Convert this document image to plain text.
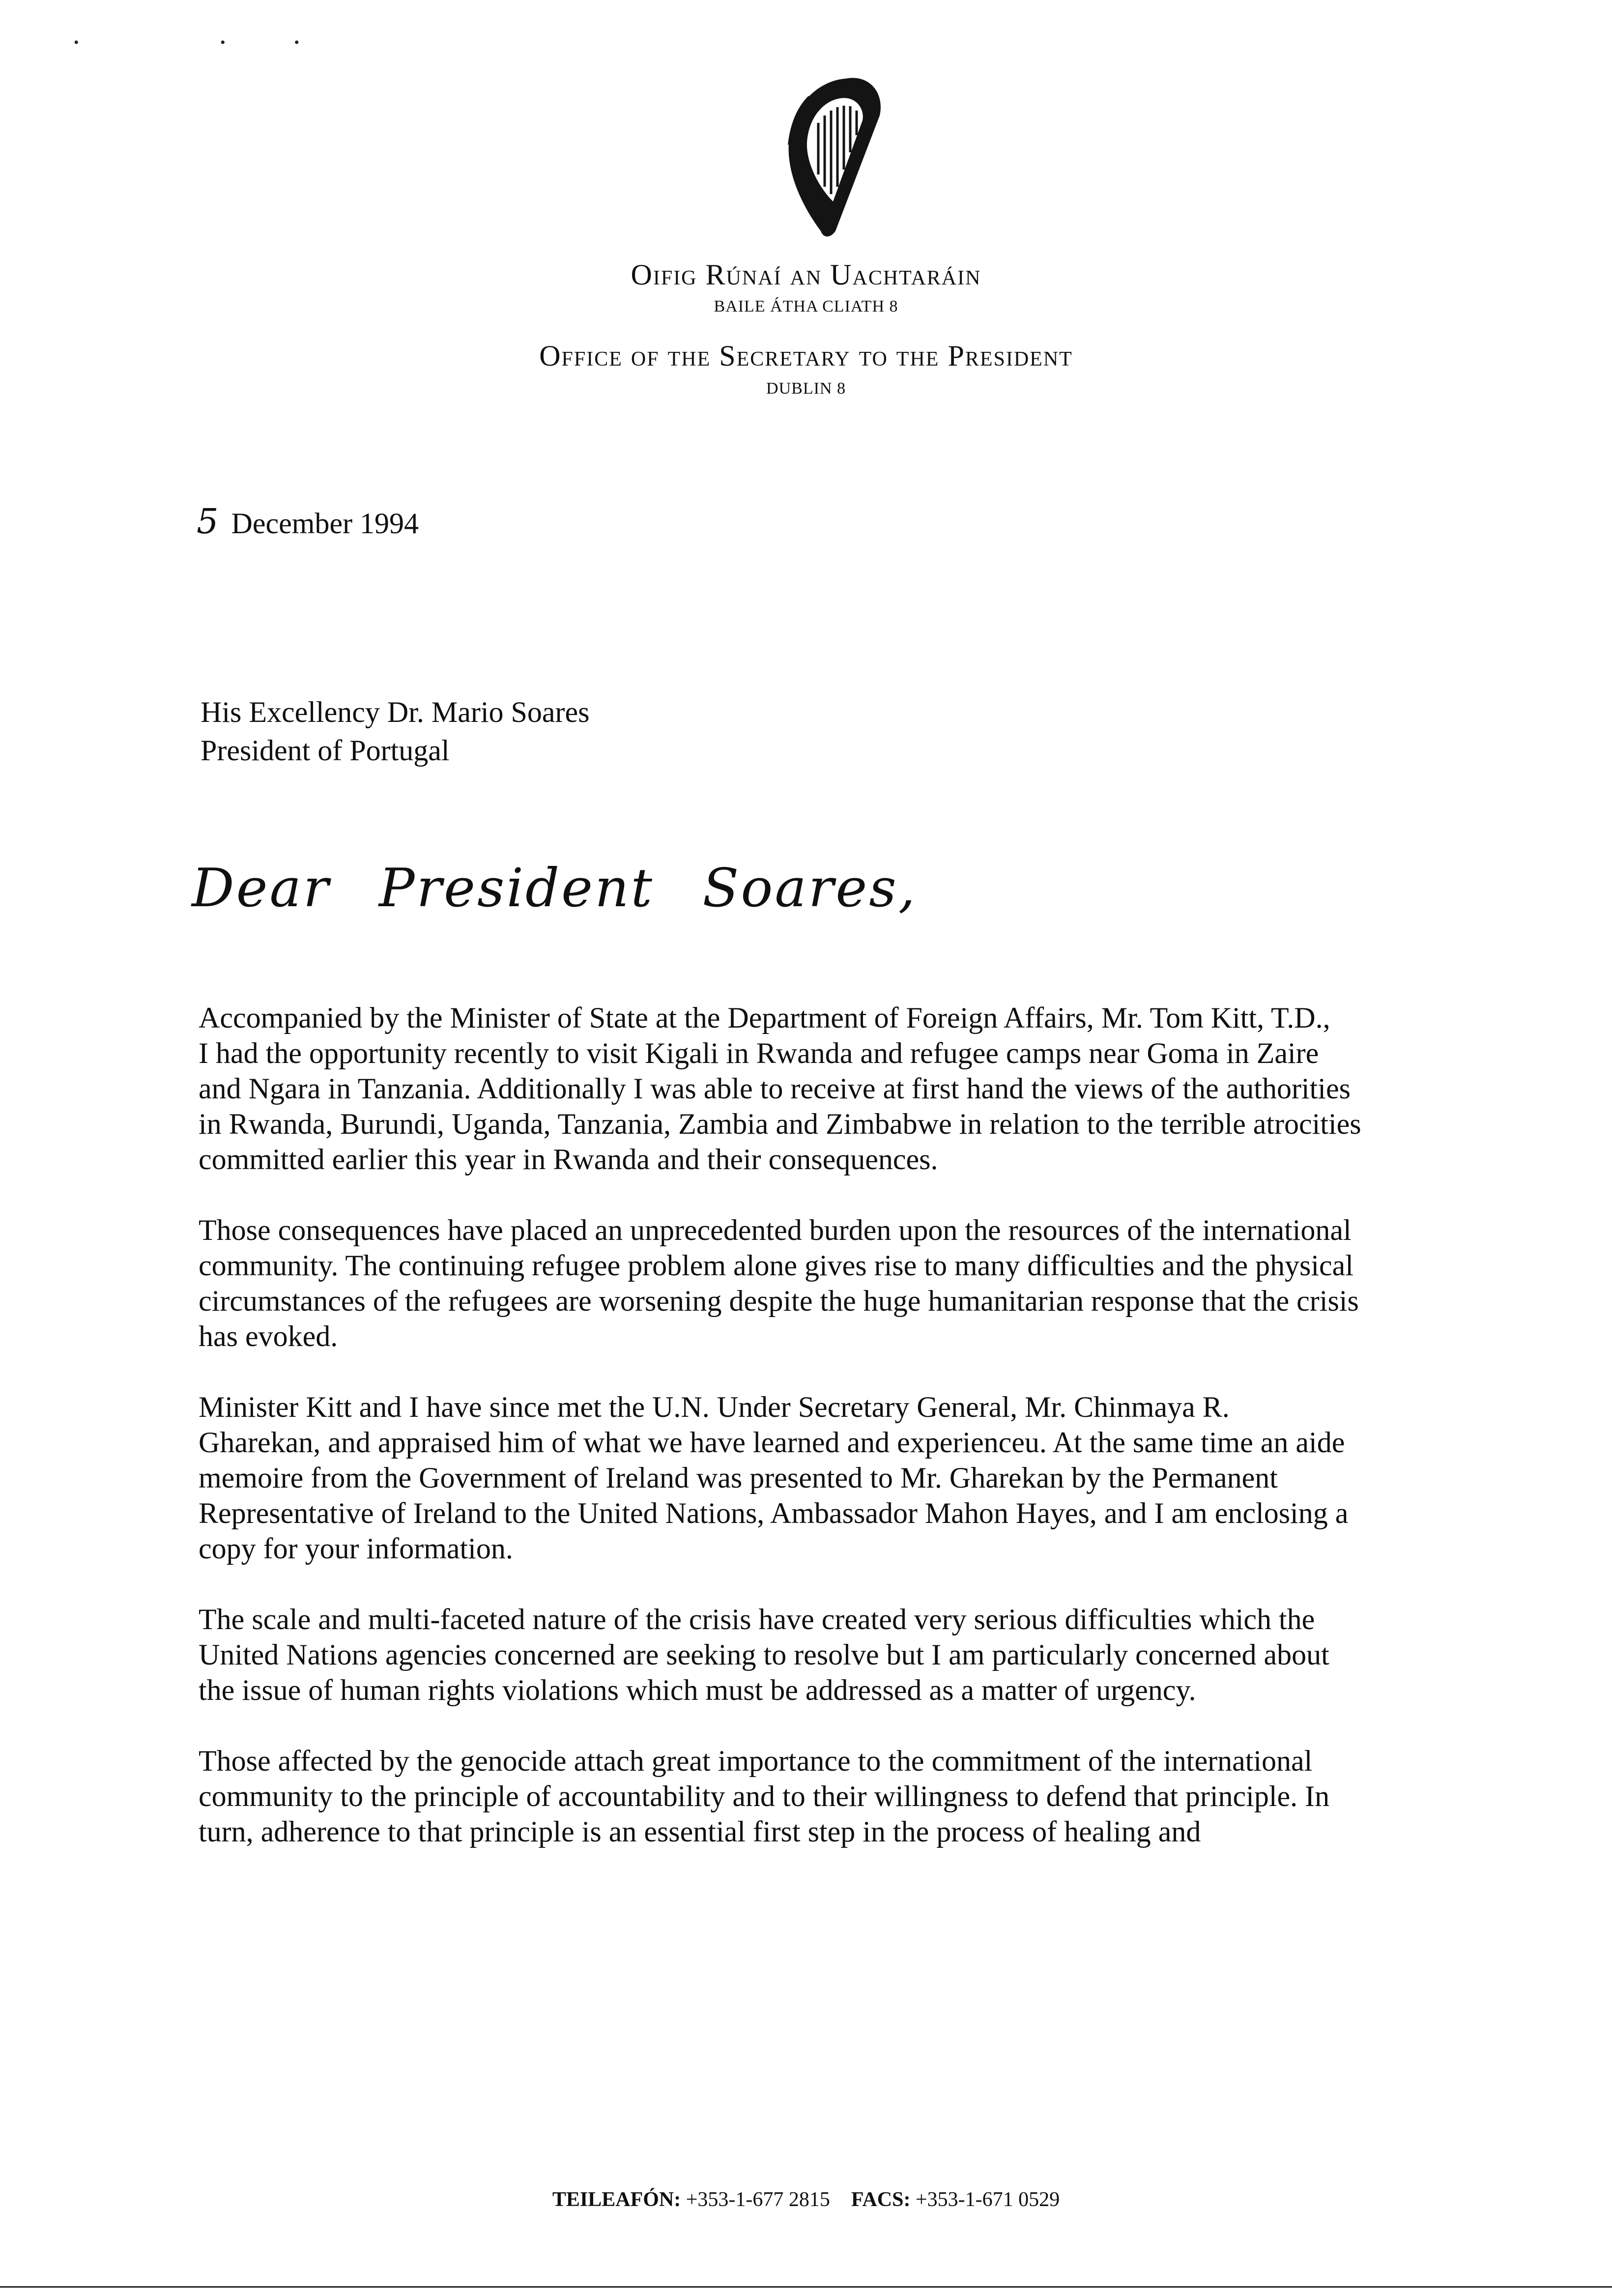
• ••
Oifig Rúnaí an Uachtaráin
BAILE ÁTHA CLIATH 8
Office of the Secretary to the President
DUBLIN 8
5 December 1994
His Excellency Dr. Mario Soares
President of Portugal
Dear President Soares,

Accompanied by the Minister of State at the Department of Foreign Affairs, Mr. Tom Kitt, T.D.,
I had the opportunity recently to visit Kigali in Rwanda and refugee camps near Goma in Zaire
and Ngara in Tanzania. Additionally I was able to receive at first hand the views of the authorities
in Rwanda, Burundi, Uganda, Tanzania, Zambia and Zimbabwe in relation to the terrible atrocities
committed earlier this year in Rwanda and their consequences.

Those consequences have placed an unprecedented burden upon the resources of the international
community. The continuing refugee problem alone gives rise to many difficulties and the physical
circumstances of the refugees are worsening despite the huge humanitarian response that the crisis
has evoked.

Minister Kitt and I have since met the U.N. Under Secretary General, Mr. Chinmaya R.
Gharekan, and appraised him of what we have learned and experienceu. At the same time an aide
memoire from the Government of Ireland was presented to Mr. Gharekan by the Permanent
Representative of Ireland to the United Nations, Ambassador Mahon Hayes, and I am enclosing a
copy for your information.

The scale and multi-faceted nature of the crisis have created very serious difficulties which the
United Nations agencies concerned are seeking to resolve but I am particularly concerned about
the issue of human rights violations which must be addressed as a matter of urgency.

Those affected by the genocide attach great importance to the commitment of the international
community to the principle of accountability and to their willingness to defend that principle. In
turn, adherence to that principle is an essential first step in the process of healing and

TEILEAFÓN: +353-1-677 2815 FACS: +353-1-671 0529
